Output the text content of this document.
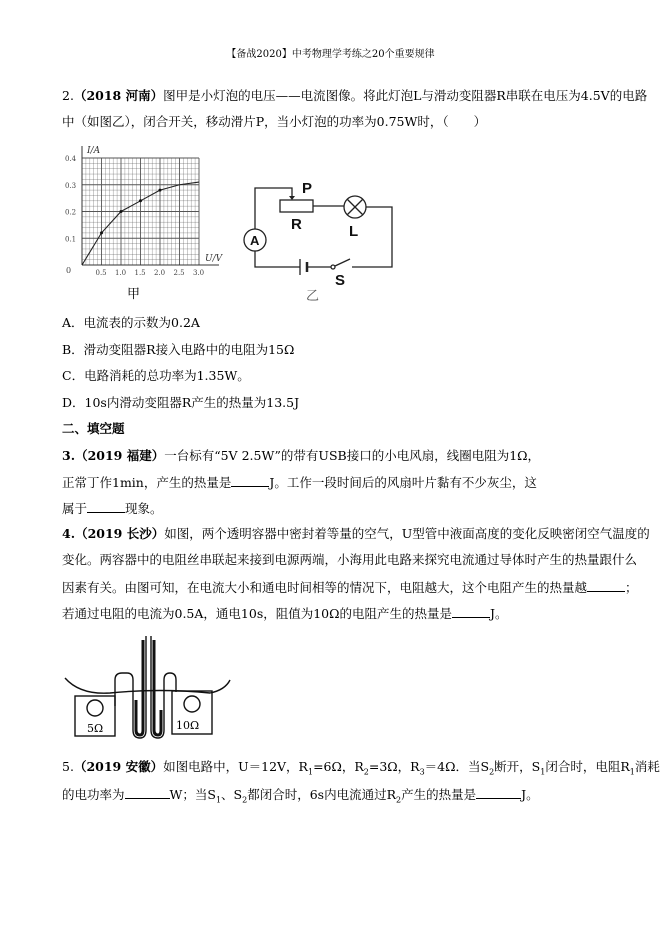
【备战2020】中考物理学考练之20个重要规律
2.（2018 河南）图甲是小灯泡的电压——电流图像。将此灯泡L与滑动变阻器R串联在电压为4.5V的电路
中（如图乙），闭合开关，移动滑片P，当小灯泡的功率为0.75W时，（　　）
0.5 1.0 1.5 2.0 2.5 3.0
0.1
0.2
0.3
0.4
0
U/V
I/A
甲
P
R	L
S
A
乙
5Ω	10Ω
A．电流表的示数为0.2A
B．滑动变阻器R接入电路中的电阻为15Ω
C．电路消耗的总功率为1.35W。
D．10s内滑动变阻器R产生的热量为13.5J
二、填空题
3.（2019 福建）一台标有“5V 2.5W”的带有USB接口的小电风扇，线圈电阻为1Ω，
正常丁作1min，产生的热量是	J。工作一段时间后的风扇叶片黏有不少灰尘，这
属于	现象。
4.（2019 长沙）如图，两个透明容器中密封着等量的空气，U型管中液面高度的变化反映密闭空气温度的
变化。两容器中的电阻丝串联起来接到电源两端，小海用此电路来探究电流通过导体时产生的热量跟什么
因素有关。由图可知，在电流大小和通电时间相等的情况下，电阻越大，这个电阻产生的热量越	；
若通过电阻的电流为0.5A，通电10s，阻值为10Ω的电阻产生的热量是	J。
5.（2019 安徽）如图电路中，U＝12V，$R_1=6\Omega$，$R_2=3\Omega$，$R_3=4\Omega$．当$S_2$断开，$S_1$闭合时，电阻$R_1$消耗
的电功率为	W；当$S_1$、$S_2$都闭合时，6s内电流通过$R_2$产生的热量是	J。
